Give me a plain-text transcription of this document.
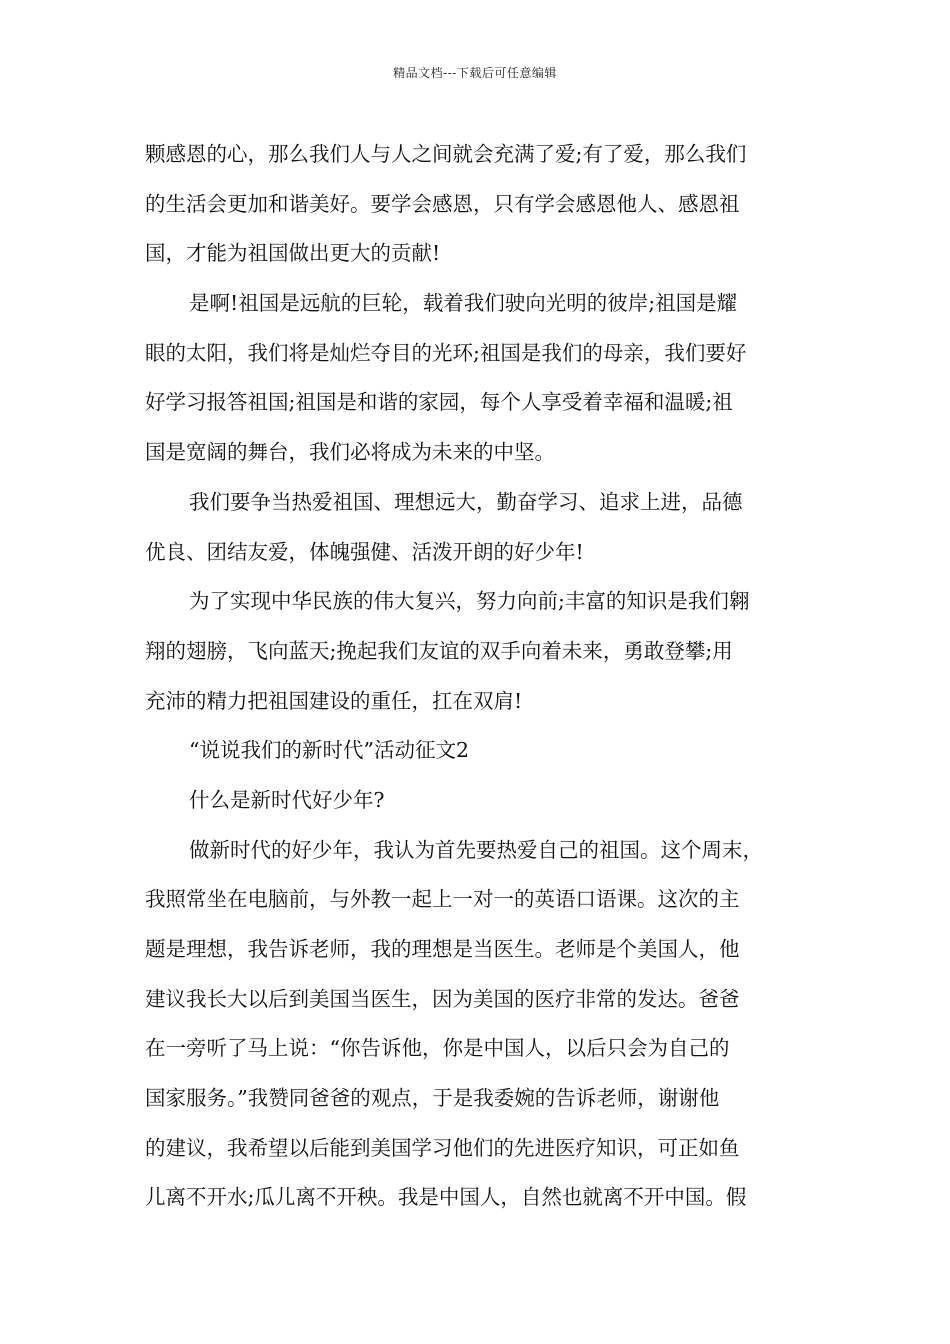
精品文档---下载后可任意编辑
颗感恩的心，那么我们人与人之间就会充满了爱;有了爱，那么我们
的生活会更加和谐美好。要学会感恩，只有学会感恩他人、感恩祖
国，才能为祖国做出更大的贡献!
是啊!祖国是远航的巨轮，载着我们驶向光明的彼岸;祖国是耀
眼的太阳，我们将是灿烂夺目的光环;祖国是我们的母亲，我们要好
好学习报答祖国;祖国是和谐的家园，每个人享受着幸福和温暖;祖
国是宽阔的舞台，我们必将成为未来的中坚。
我们要争当热爱祖国、理想远大，勤奋学习、追求上进，品德
优良、团结友爱，体魄强健、活泼开朗的好少年!
为了实现中华民族的伟大复兴，努力向前;丰富的知识是我们翱
翔的翅膀，飞向蓝天;挽起我们友谊的双手向着未来，勇敢登攀;用
充沛的精力把祖国建设的重任，扛在双肩!
“说说我们的新时代”活动征文2
什么是新时代好少年?
做新时代的好少年，我认为首先要热爱自己的祖国。这个周末，
我照常坐在电脑前，与外教一起上一对一的英语口语课。这次的主
题是理想，我告诉老师，我的理想是当医生。老师是个美国人，他
建议我长大以后到美国当医生，因为美国的医疗非常的发达。爸爸
在一旁听了马上说：“你告诉他，你是中国人，以后只会为自己的
国家服务。”我赞同爸爸的观点，于是我委婉的告诉老师，谢谢他
的建议，我希望以后能到美国学习他们的先进医疗知识，可正如鱼
儿离不开水;瓜儿离不开秧。我是中国人，自然也就离不开中国。假
